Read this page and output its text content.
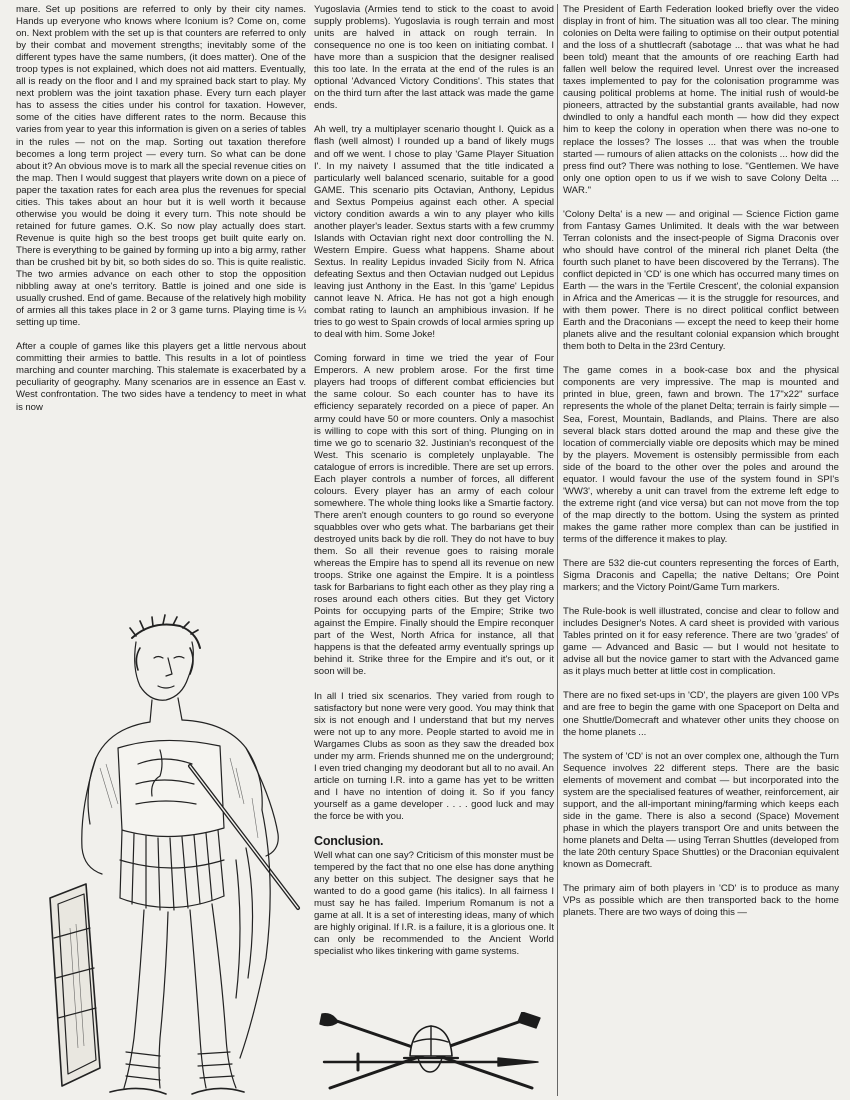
mare. Set up positions are referred to only by their city names. Hands up everyone who knows where Iconium is? Come on, come on. Next problem with the set up is that counters are referred to only by their combat and movement strengths; inevitably some of the different types have the same numbers, (it does matter). One of the troop types is not explained, which does not aid matters. Eventually, all is ready on the floor and I and my sprained back start to play. My next problem was the joint taxation phase. Every turn each player has to assess the cities under his control for taxation. However, some of the cities have different rates to the norm. Because this varies from year to year this information is given on a series of tables in the rules — not on the map. Sorting out taxation therefore becomes a long term project — every turn. So what can be done about it? An obvious move is to mark all the special revenue cities on the map. Then I would suggest that players write down on a piece of paper the taxation rates for each area plus the revenues for special cities. This takes about an hour but it is well worth it because otherwise you would be doing it every turn. This note should be retained for future games. O.K. So now play actually does start. Revenue is quite high so the best troops get built quite early on. There is everything to be gained by forming up into a big army, rather than be crushed bit by bit, so both sides do so. This is quite realistic. The two armies advance on each other to stop the opposition nibbling away at one's territory. Battle is joined and one side is usually crushed. End of game. Because of the relatively high mobility of armies all this takes place in 2 or 3 game turns. Playing time is ¼ setting up time.

After a couple of games like this players get a little nervous about committing their armies to battle. This results in a lot of pointless marching and counter marching. This stalemate is exacerbated by a peculiarity of geography. Many scenarios are in essence an East v. West confrontation. The two sides have a tendency to meet in what is now

Yugoslavia (Armies tend to stick to the coast to avoid supply problems). Yugoslavia is rough terrain and most units are halved in attack on rough terrain. In consequence no one is too keen on initiating combat. I have more than a suspicion that the designer realised this too late. In the errata at the end of the rules is an optional 'Advanced Victory Conditions'. This states that on the third turn after the last attack was made the game ends.

Ah well, try a multiplayer scenario thought I. Quick as a flash (well almost) I rounded up a band of likely mugs and off we went. I chose to play 'Game Player Situation I'. In my naivety I assumed that the title indicated a particularly well balanced scenario, suitable for a good GAME. This scenario pits Octavian, Anthony, Lepidus and Sextus Pompeius against each other. A special victory condition awards a win to any player who kills another player's leader. Sextus starts with a few crummy Islands with Octavian right next door controlling the N. Western Empire. Guess what happens. Shame about Sextus. In reality Lepidus invaded Sicily from N. Africa defeating Sextus and then Octavian nudged out Lepidus leaving just Anthony in the East. In this 'game' Lepidus cannot leave N. Africa. He has not got a high enough combat rating to launch an amphibious invasion. If he tries to go west to Spain crowds of local armies spring up to deal with him. Some Joke!

Coming forward in time we tried the year of Four Emperors. A new problem arose. For the first time players had troops of different combat efficiencies but the same colour. So each counter has to have its efficiency separately recorded on a piece of paper. An army could have 50 or more counters. Only a masochist is willing to cope with this sort of thing. Plunging on in time we go to scenario 32. Justinian's reconquest of the West. This scenario is completely unplayable. The catalogue of errors is incredible. There are set up errors. Each player controls a number of forces, all different colours. Every player has an army of each colour somewhere. The whole thing looks like a Smartie factory. There aren't enough counters to go round so everyone squabbles over who gets what. The barbarians get their destroyed units back by die roll. They do not have to buy them. So all their revenue goes to raising morale whereas the Empire has to spend all its revenue on new troops. Strike one against the Empire. It is a pointless task for Barbarians to fight each other as they play ring a roses around each others cities. But they get Victory Points for occupying parts of the Empire; Strike two against the Empire. Finally should the Empire reconquer part of the West, North Africa for instance, all that happens is that the defeated army eventually springs up behind it. Strike three for the Empire and it's out, or it soon will be.

In all I tried six scenarios. They varied from rough to satisfactory but none were very good. You may think that six is not enough and I understand that but my nerves were not up to any more. People started to avoid me in Wargames Clubs as soon as they saw the dreaded box under my arm. Friends shunned me on the underground; I even tried changing my deodorant but all to no avail. An article on turning I.R. into a game has yet to be written and I have no intention of doing it. So if you fancy yourself as a game developer . . . . good luck and may the force be with you.

Conclusion.

Well what can one say? Criticism of this monster must be tempered by the fact that no one else has done anything any better on this subject. The designer says that he wanted to do a good game (his italics). In all fairness I must say he has failed. Imperium Romanum is not a game at all. It is a set of interesting ideas, many of which are highly original. If I.R. is a failure, it is a glorious one. It can only be recommended to the Ancient World specialist who likes tinkering with game systems.

The President of Earth Federation looked briefly over the video display in front of him. The situation was all too clear. The mining colonies on Delta were failing to optimise on their output potential and the loss of a shuttlecraft (sabotage ... that was what he had been told) meant that the amounts of ore reaching Earth had fallen well below the required level. Unrest over the increased taxes implemented to pay for the colonisation programme was causing political problems at home. The initial rush of would-be pioneers, attracted by the substantial grants available, had now dwindled to only a handful each month — how did they expect him to keep the colony in operation when there was no-one to replace the losses? The losses ... that was when the trouble started — rumours of alien attacks on the colonists ... how did the press find out? There was nothing to lose. "Gentlemen. We have only one option open to us if we wish to save Colony Delta ... WAR."

'Colony Delta' is a new — and original — Science Fiction game from Fantasy Games Unlimited. It deals with the war between Terran colonists and the insect-people of Sigma Draconis over who should have control of the mineral rich planet Delta (the fourth such planet to have been discovered by the Terrans). The conflict depicted in 'CD' is one which has occurred many times on Earth — the wars in the 'Fertile Crescent', the colonial expansion in Africa and the Americas — it is the struggle for resources, and with them power. There is no direct political conflict between Earth and the Draconians — except the need to keep their home planets alive and the resultant colonial expansion which brought them both to Delta in the 23rd Century.

The game comes in a book-case box and the physical components are very impressive. The map is mounted and printed in blue, green, fawn and brown. The 17"x22" surface represents the whole of the planet Delta; terrain is fairly simple — Sea, Forest, Mountain, Badlands, and Plains. There are also several black stars dotted around the map and these give the location of commercially viable ore deposits which may be mined by the players. Movement is ostensibly permissible from each side of the board to the other over the poles and around the equator. I would favour the use of the system found in SPI's 'WW3', whereby a unit can travel from the extreme left edge to the extreme right (and vice versa) but can not move from the top of the map directly to the bottom. Using the system as printed makes the game rather more complex than can be justified in terms of the difference it makes to play.

There are 532 die-cut counters representing the forces of Earth, Sigma Draconis and Capella; the native Deltans; Ore Point markers; and the Victory Point/Game Turn markers.

The Rule-book is well illustrated, concise and clear to follow and includes Designer's Notes. A card sheet is provided with various Tables printed on it for easy reference. There are two 'grades' of game — Advanced and Basic — but I would not hesitate to advise all but the novice gamer to start with the Advanced game as it plays much better at little cost in complication.

There are no fixed set-ups in 'CD', the players are given 100 VPs and are free to begin the game with one Spaceport on Delta and one Shuttle/Domecraft and whatever other units they choose on the home planets ...

The system of 'CD' is not an over complex one, although the Turn Sequence involves 22 different steps. There are the basic elements of movement and combat — but incorporated into the system are the specialised features of weather, reinforcement, air support, and the all-important mining/farming which keeps each side in the game. There is also a second (Space) Movement phase in which the players transport Ore and units between the home planets and Delta — using Terran Shuttles (developed from the late 20th century Space Shuttles) or the Draconian equivalent known as Domecraft.

The primary aim of both players in 'CD' is to produce as many VPs as possible which are then transported back to the home planets. There are two ways of doing this —
